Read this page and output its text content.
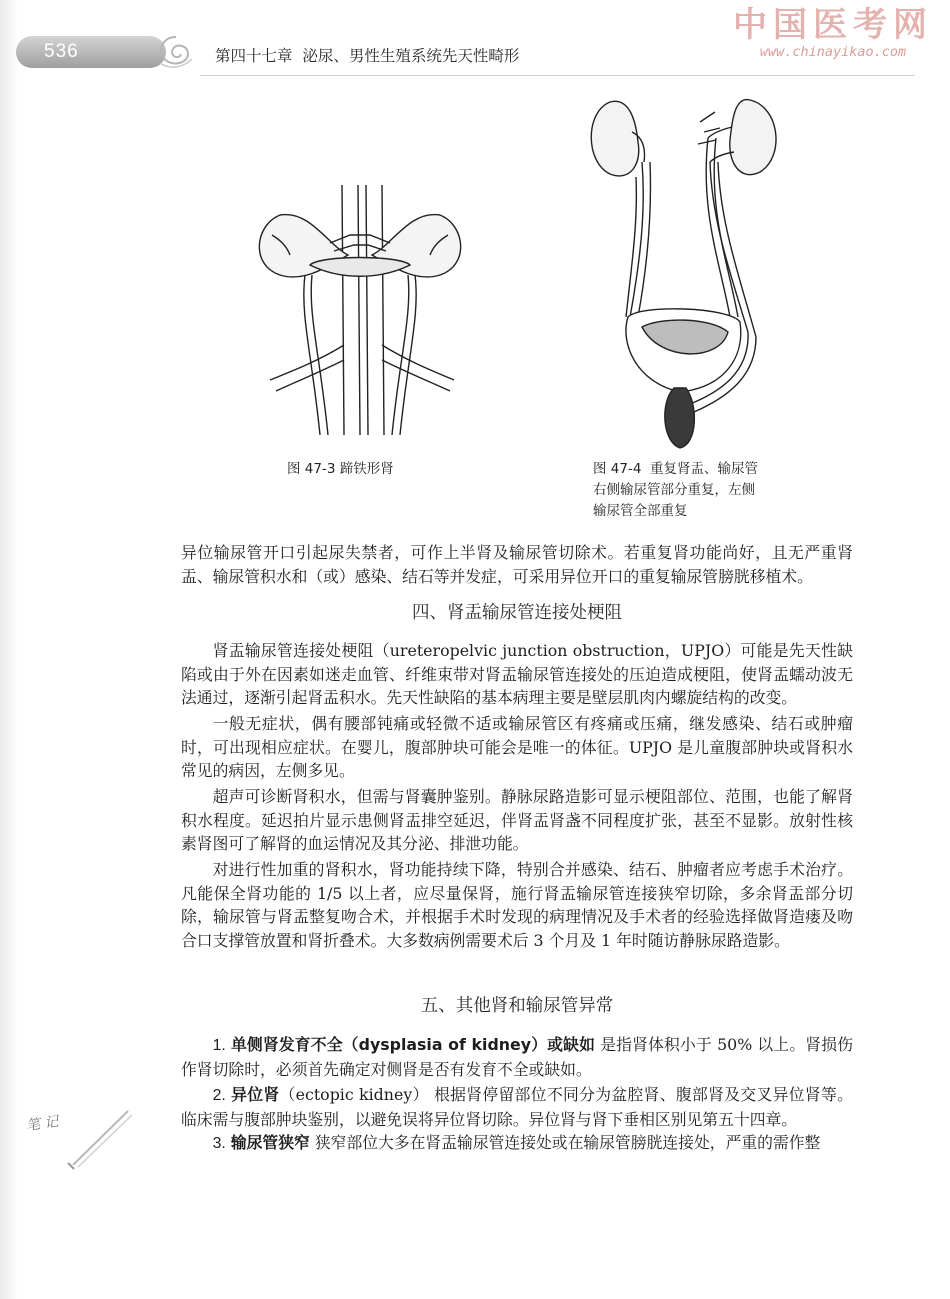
536	第四十七章  泌尿、男性生殖系统先天性畸形
中国医考网
www.chinayikao.com
图 47-3 蹄铁形肾	图 47-4  重复肾盂、输尿管
右侧输尿管部分重复，左侧
输尿管全部重复

异位输尿管开口引起尿失禁者，可作上半肾及输尿管切除术。若重复肾功能尚好，且无严重肾盂、输尿管积水和（或）感染、结石等并发症，可采用异位开口的重复输尿管膀胱移植术。

四、肾盂输尿管连接处梗阻

肾盂输尿管连接处梗阻（ureteropelvic junction obstruction，UPJO）可能是先天性缺陷或由于外在因素如迷走血管、纤维束带对肾盂输尿管连接处的压迫造成梗阻，使肾盂蠕动波无法通过，逐渐引起肾盂积水。先天性缺陷的基本病理主要是壁层肌肉内螺旋结构的改变。

一般无症状，偶有腰部钝痛或轻微不适或输尿管区有疼痛或压痛，继发感染、结石或肿瘤时，可出现相应症状。在婴儿，腹部肿块可能会是唯一的体征。UPJO 是儿童腹部肿块或肾积水常见的病因，左侧多见。

超声可诊断肾积水，但需与肾囊肿鉴别。静脉尿路造影可显示梗阻部位、范围，也能了解肾积水程度。延迟拍片显示患侧肾盂排空延迟，伴肾盂肾盏不同程度扩张，甚至不显影。放射性核素肾图可了解肾的血运情况及其分泌、排泄功能。

对进行性加重的肾积水，肾功能持续下降，特别合并感染、结石、肿瘤者应考虑手术治疗。凡能保全肾功能的 1/5 以上者，应尽量保肾，施行肾盂输尿管连接狭窄切除，多余肾盂部分切除，输尿管与肾盂整复吻合术，并根据手术时发现的病理情况及手术者的经验选择做肾造瘘及吻合口支撑管放置和肾折叠术。大多数病例需要术后 3 个月及 1 年时随访静脉尿路造影。

五、其他肾和输尿管异常

1. 单侧肾发育不全（dysplasia of kidney）或缺如 是指肾体积小于 50% 以上。肾损伤作肾切除时，必须首先确定对侧肾是否有发育不全或缺如。

2. 异位肾（ectopic kidney） 根据肾停留部位不同分为盆腔肾、腹部肾及交叉异位肾等。临床需与腹部肿块鉴别，以避免误将异位肾切除。异位肾与肾下垂相区别见第五十四章。

3. 输尿管狭窄 狭窄部位大多在肾盂输尿管连接处或在输尿管膀胱连接处，严重的需作整

笔 记
